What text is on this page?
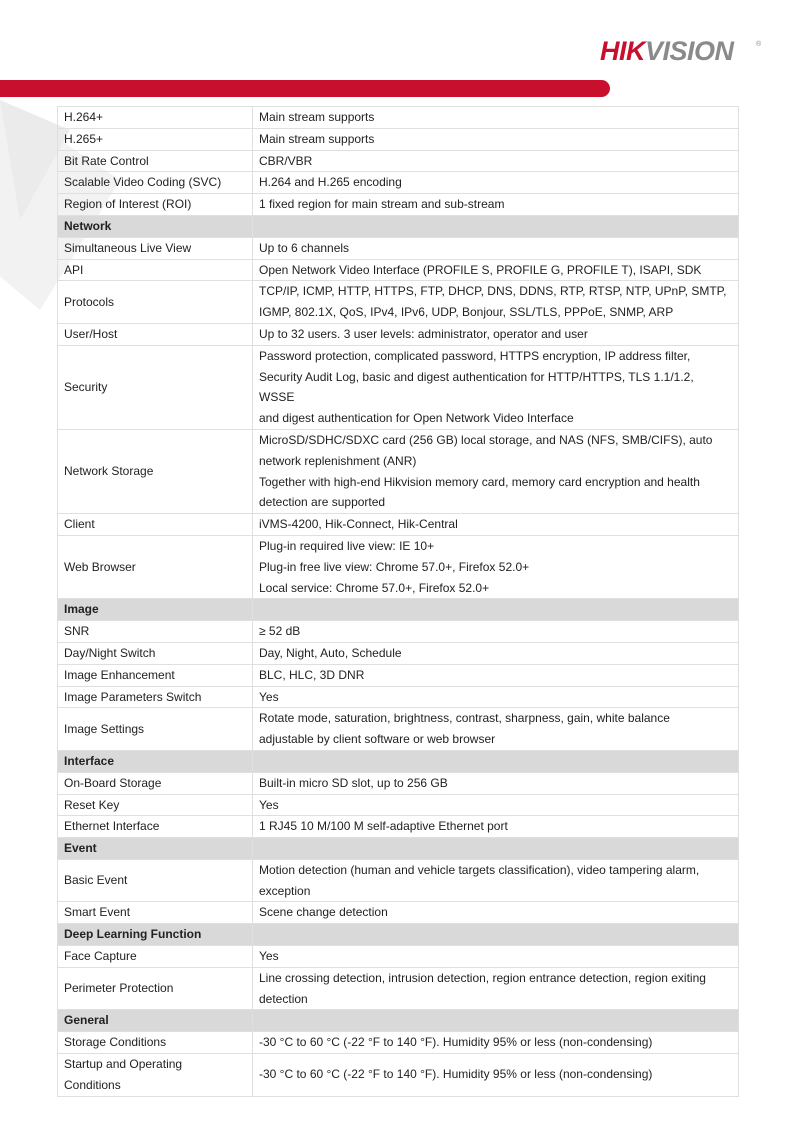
HIKVISION	®
H.264+	Main stream supports

H.265+	Main stream supports

Bit Rate Control	CBR/VBR

Scalable Video Coding (SVC)	H.264 and H.265 encoding

Region of Interest (ROI)	1 fixed region for main stream and sub-stream

Network	
Simultaneous Live View	Up to 6 channels

API	Open Network Video Interface (PROFILE S, PROFILE G, PROFILE T), ISAPI, SDK

Protocols	TCP/IP, ICMP, HTTP, HTTPS, FTP, DHCP, DNS, DDNS, RTP, RTSP, NTP, UPnP, SMTP,
IGMP, 802.1X, QoS, IPv4, IPv6, UDP, Bonjour, SSL/TLS, PPPoE, SNMP, ARP

User/Host	Up to 32 users. 3 user levels: administrator, operator and user

Security	Password protection, complicated password, HTTPS encryption, IP address filter,
Security Audit Log, basic and digest authentication for HTTP/HTTPS, TLS 1.1/1.2, WSSE
and digest authentication for Open Network Video Interface

Network Storage	MicroSD/SDHC/SDXC card (256 GB) local storage, and NAS (NFS, SMB/CIFS), auto
network replenishment (ANR)
Together with high-end Hikvision memory card, memory card encryption and health
detection are supported

Client	iVMS-4200, Hik-Connect, Hik-Central

Web Browser	Plug-in required live view: IE 10+
Plug-in free live view: Chrome 57.0+, Firefox 52.0+
Local service: Chrome 57.0+, Firefox 52.0+

Image	
SNR	≥ 52 dB

Day/Night Switch	Day, Night, Auto, Schedule

Image Enhancement	BLC, HLC, 3D DNR

Image Parameters Switch	Yes

Image Settings	Rotate mode, saturation, brightness, contrast, sharpness, gain, white balance
adjustable by client software or web browser

Interface	
On-Board Storage	Built-in micro SD slot, up to 256 GB

Reset Key	Yes

Ethernet Interface	1 RJ45 10 M/100 M self-adaptive Ethernet port

Event	
Basic Event	Motion detection (human and vehicle targets classification), video tampering alarm,
exception

Smart Event	Scene change detection

Deep Learning Function	
Face Capture	Yes

Perimeter Protection	Line crossing detection, intrusion detection, region entrance detection, region exiting
detection

General	
Storage Conditions	-30 °C to 60 °C (-22 °F to 140 °F). Humidity 95% or less (non-condensing)

Startup and Operating
Conditions	-30 °C to 60 °C (-22 °F to 140 °F). Humidity 95% or less (non-condensing)
